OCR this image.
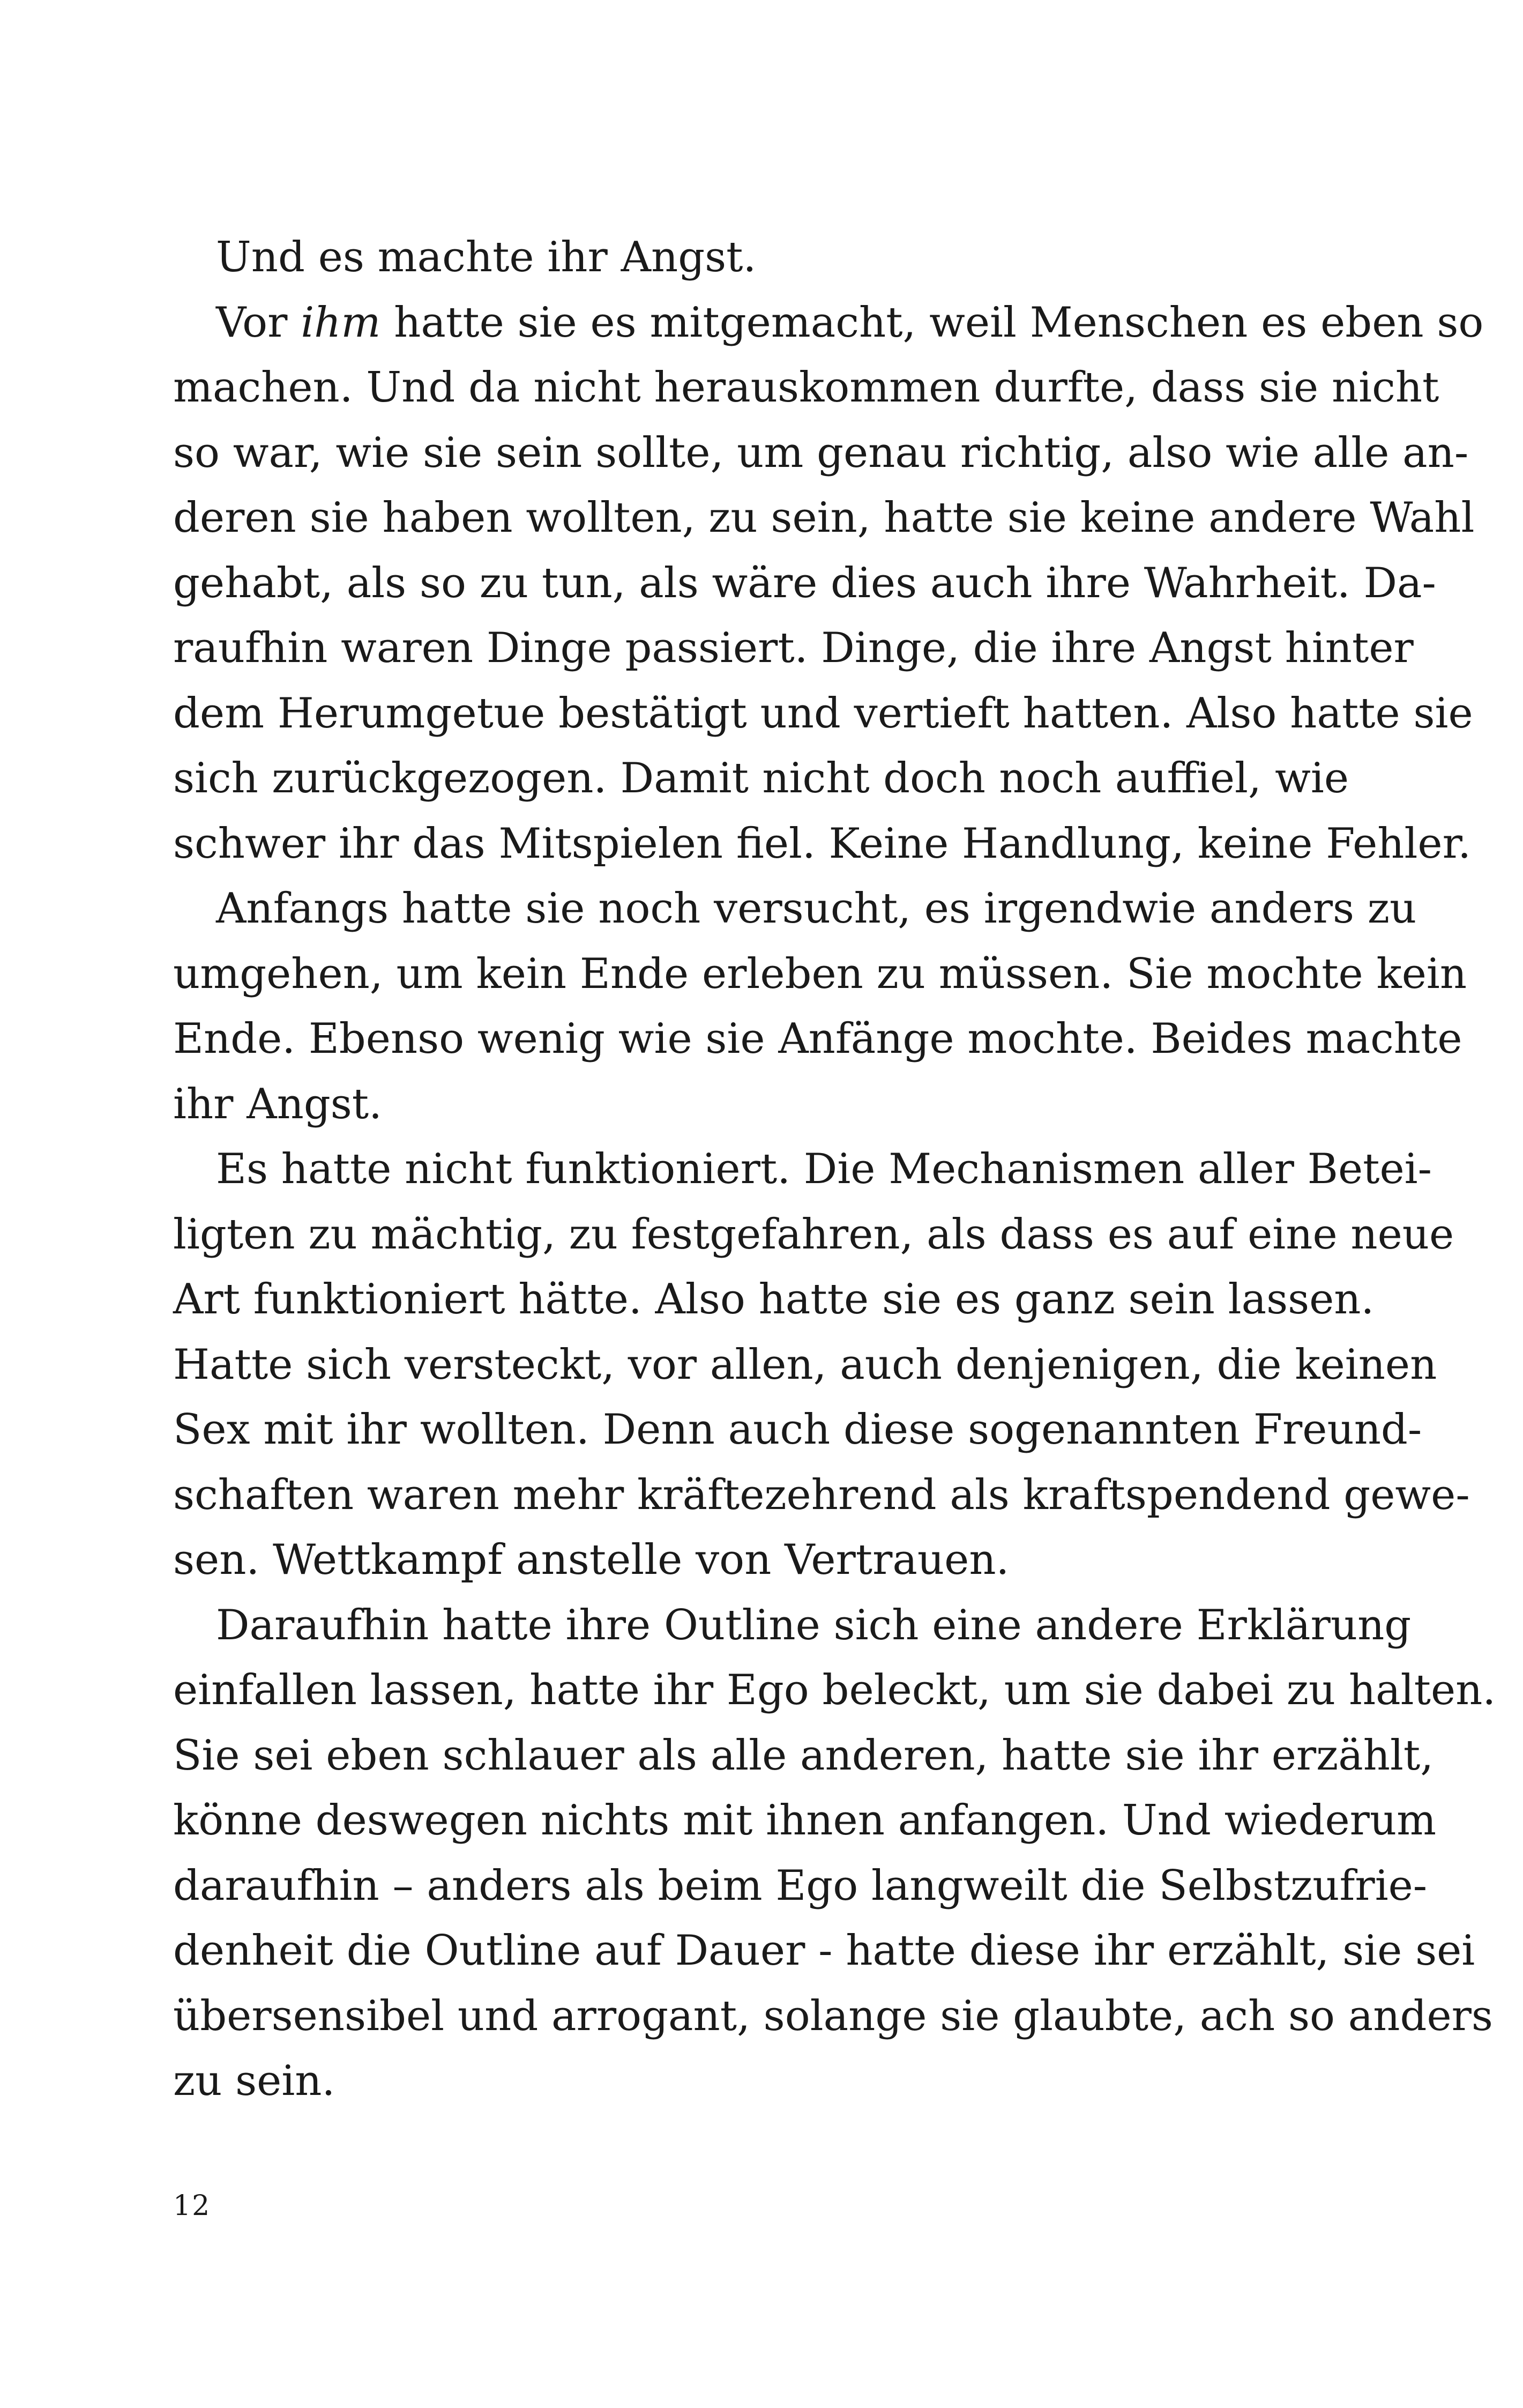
Und es machte ihr Angst.
Vor ihm hatte sie es mitgemacht, weil Menschen es eben so
machen. Und da nicht herauskommen durfte, dass sie nicht
so war, wie sie sein sollte, um genau richtig, also wie alle an-
deren sie haben wollten, zu sein, hatte sie keine andere Wahl
gehabt, als so zu tun, als wäre dies auch ihre Wahrheit. Da-
raufhin waren Dinge passiert. Dinge, die ihre Angst hinter
dem Herumgetue bestätigt und vertieft hatten. Also hatte sie
sich zurückgezogen. Damit nicht doch noch auffiel, wie
schwer ihr das Mitspielen fiel. Keine Handlung, keine Fehler.
Anfangs hatte sie noch versucht, es irgendwie anders zu
umgehen, um kein Ende erleben zu müssen. Sie mochte kein
Ende. Ebenso wenig wie sie Anfänge mochte. Beides machte
ihr Angst.
Es hatte nicht funktioniert. Die Mechanismen aller Betei-
ligten zu mächtig, zu festgefahren, als dass es auf eine neue
Art funktioniert hätte. Also hatte sie es ganz sein lassen.
Hatte sich versteckt, vor allen, auch denjenigen, die keinen
Sex mit ihr wollten. Denn auch diese sogenannten Freund-
schaften waren mehr kräftezehrend als kraftspendend gewe-
sen. Wettkampf anstelle von Vertrauen.
Daraufhin hatte ihre Outline sich eine andere Erklärung
einfallen lassen, hatte ihr Ego beleckt, um sie dabei zu halten.
Sie sei eben schlauer als alle anderen, hatte sie ihr erzählt,
könne deswegen nichts mit ihnen anfangen. Und wiederum
daraufhin – anders als beim Ego langweilt die Selbstzufrie-
denheit die Outline auf Dauer - hatte diese ihr erzählt, sie sei
übersensibel und arrogant, solange sie glaubte, ach so anders
zu sein.
12
